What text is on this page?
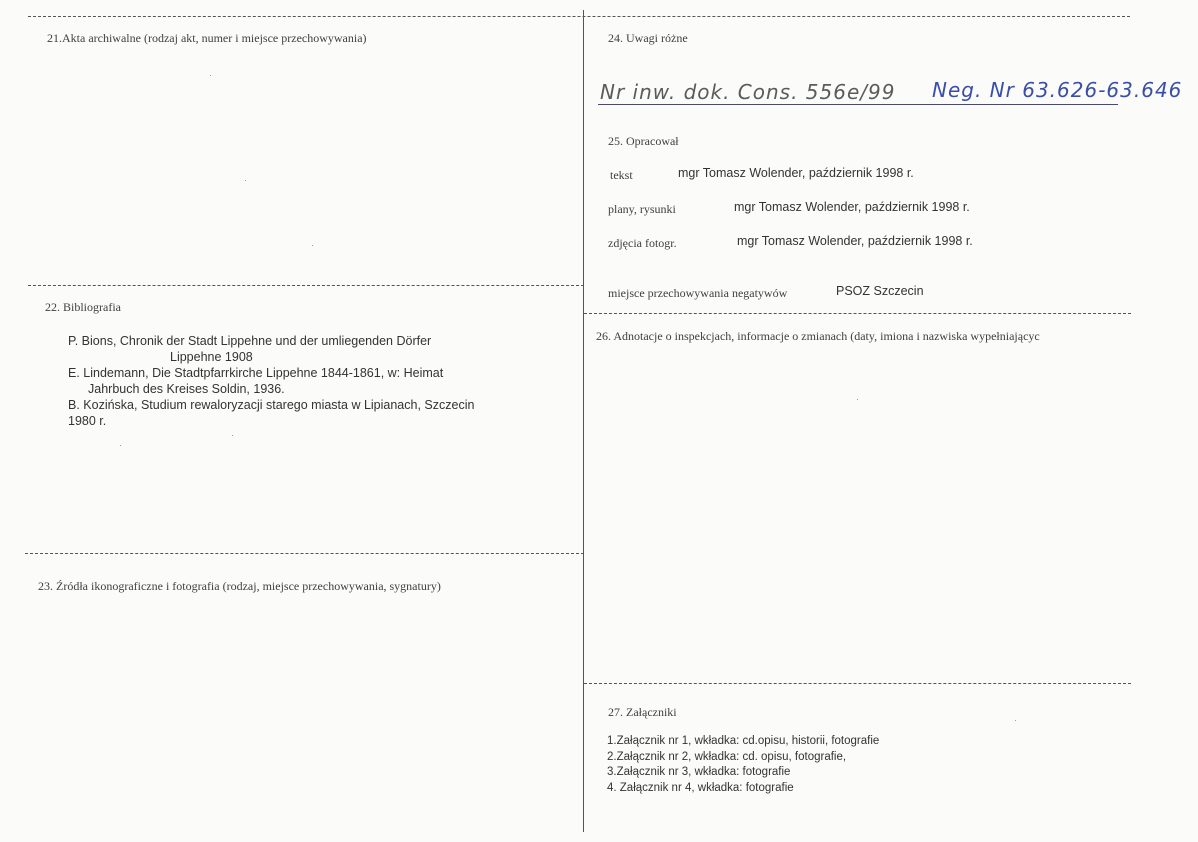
21.Akta archiwalne (rodzaj akt, numer i miejsce przechowywania)
22. Bibliografia
P. Bions, Chronik der Stadt Lippehne und der umliegenden Dörfer
Lippehne 1908
E. Lindemann, Die Stadtpfarrkirche Lippehne 1844-1861, w: Heimat
Jahrbuch des Kreises Soldin, 1936.
B. Kozińska, Studium rewaloryzacji starego miasta w Lipianach, Szczecin
1980 r.
23. Źródła ikonograficzne i fotografia (rodzaj, miejsce przechowywania, sygnatury)
24. Uwagi różne
Nr inw. dok. Cons. 556e/99 Neg. Nr 63.626-63.646
25. Opracował
tekst	mgr Tomasz Wolender, październik 1998 r.
plany, rysunki	mgr Tomasz Wolender, październik 1998 r.
zdjęcia fotogr.	mgr Tomasz Wolender, październik 1998 r.
miejsce przechowywania negatywów	PSOZ Szczecin
26. Adnotacje o inspekcjach, informacje o zmianach (daty, imiona i nazwiska wypełniającyc
27. Załączniki
1.Załącznik nr 1, wkładka: cd.opisu, historii, fotografie
2.Załącznik nr 2, wkładka: cd. opisu, fotografie,
3.Załącznik nr 3, wkładka: fotografie
4. Załącznik nr 4, wkładka: fotografie
